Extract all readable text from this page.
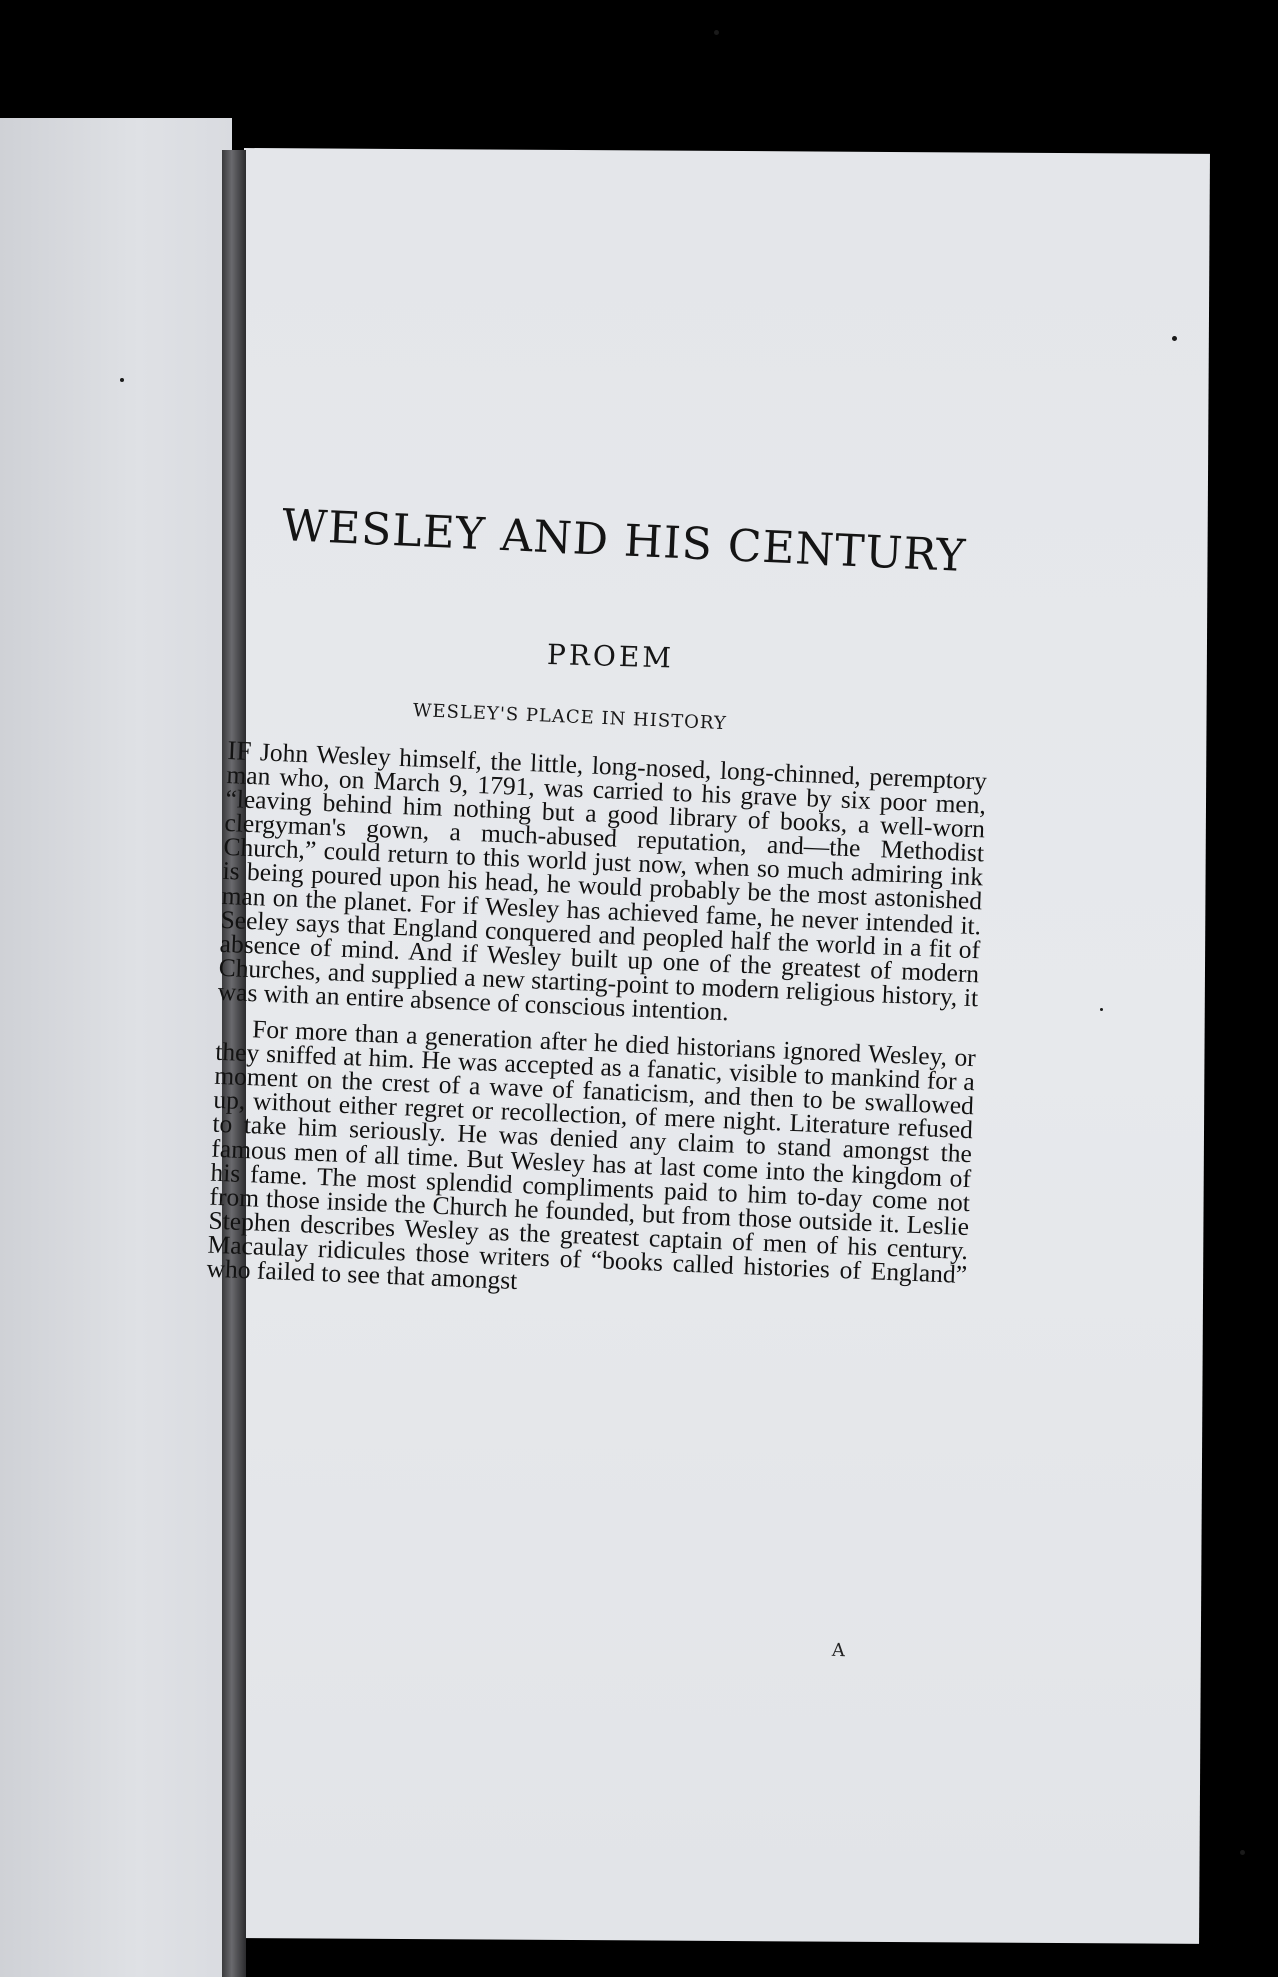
WESLEY AND HIS CENTURY
PROEM
WESLEY'S PLACE IN HISTORY

IF John Wesley himself, the little, long-nosed, long-chinned, peremptory man who, on March 9, 1791, was carried to his grave by six poor men, “leaving behind him nothing but a good library of books, a well-worn clergyman's gown, a much-abused reputation, and—the Methodist Church,” could return to this world just now, when so much admiring ink is being poured upon his head, he would probably be the most astonished man on the planet. For if Wesley has achieved fame, he never intended it. Seeley says that England conquered and peopled half the world in a fit of absence of mind. And if Wesley built up one of the greatest of modern Churches, and supplied a new starting-point to modern religious history, it was with an entire absence of conscious intention.

For more than a generation after he died historians ignored Wesley, or they sniffed at him. He was accepted as a fanatic, visible to mankind for a moment on the crest of a wave of fanaticism, and then to be swallowed up, without either regret or recollection, of mere night. Literature refused to take him seriously. He was denied any claim to stand amongst the famous men of all time. But Wesley has at last come into the kingdom of his fame. The most splendid compliments paid to him to-day come not from those inside the Church he founded, but from those outside it. Leslie Stephen describes Wesley as the greatest captain of men of his century. Macaulay ridicules those writers of “books called histories of England” who failed to see that amongst

A
